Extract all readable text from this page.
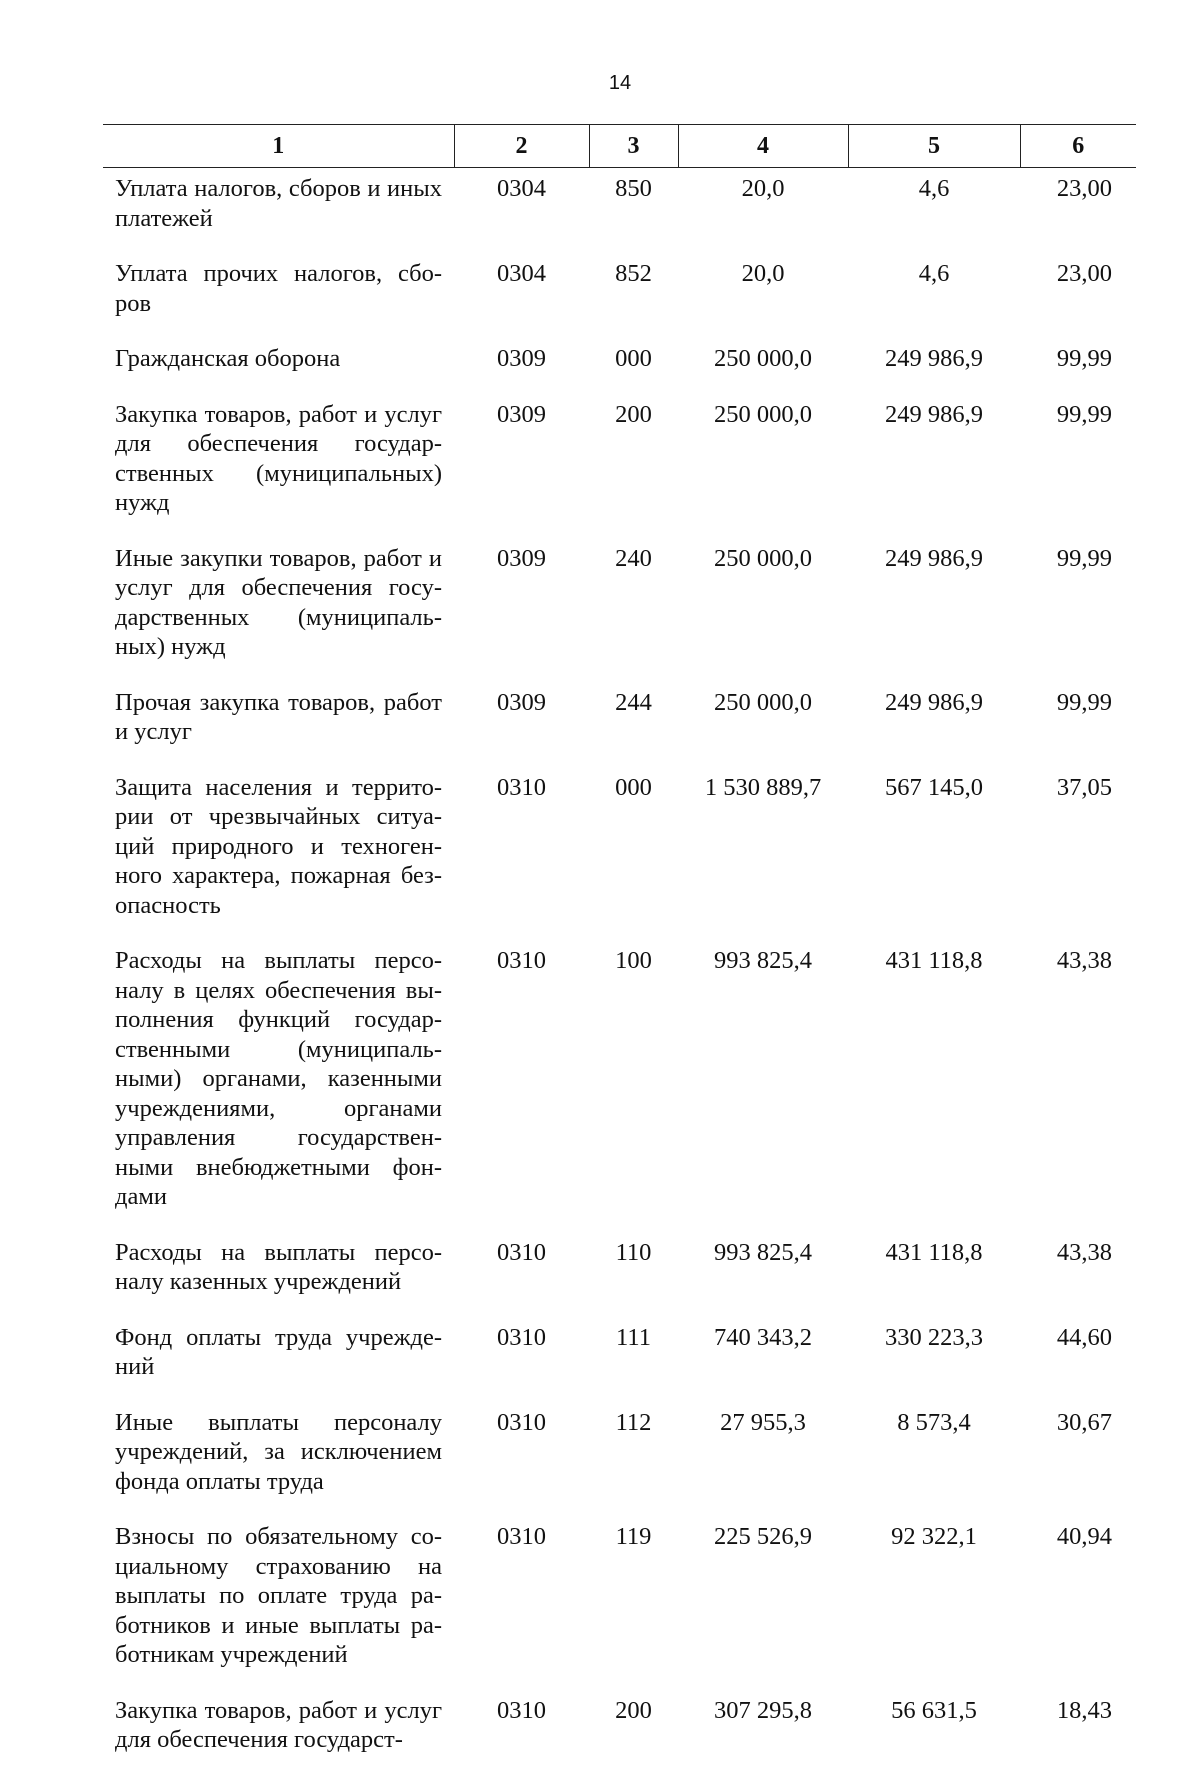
14
1	2	3	4	5	6
Уплата налогов, сборов и иных платежей	0304	850	20,0	4,6	23,00
Уплата прочих налогов, сбо-ров	0304	852	20,0	4,6	23,00
Гражданская оборона	0309	000	250 000,0	249 986,9	99,99
Закупка товаров, работ и услуг для обеспечения государ-ственных (муниципальных) нужд	0309	200	250 000,0	249 986,9	99,99
Иные закупки товаров, работ и услуг для обеспечения госу-дарственных (муниципаль-ных) нужд	0309	240	250 000,0	249 986,9	99,99
Прочая закупка товаров, работ и услуг	0309	244	250 000,0	249 986,9	99,99
Защита населения и террито-рии от чрезвычайных ситуа-ций природного и техноген-ного характера, пожарная без-опасность	0310	000	1 530 889,7	567 145,0	37,05
Расходы на выплаты персо-налу в целях обеспечения вы-полнения функций государ-ственными (муниципаль-ными) органами, казенными учреждениями, органами управления государствен-ными внебюджетными фон-дами	0310	100	993 825,4	431 118,8	43,38
Расходы на выплаты персо-налу казенных учреждений	0310	110	993 825,4	431 118,8	43,38
Фонд оплаты труда учрежде-ний	0310	111	740 343,2	330 223,3	44,60
Иные выплаты персоналу учреждений, за исключением фонда оплаты труда	0310	112	27 955,3	8 573,4	30,67
Взносы по обязательному со-циальному страхованию на выплаты по оплате труда ра-ботников и иные выплаты ра-ботникам учреждений	0310	119	225 526,9	92 322,1	40,94
Закупка товаров, работ и услуг для обеспечения государст-	0310	200	307 295,8	56 631,5	18,43
